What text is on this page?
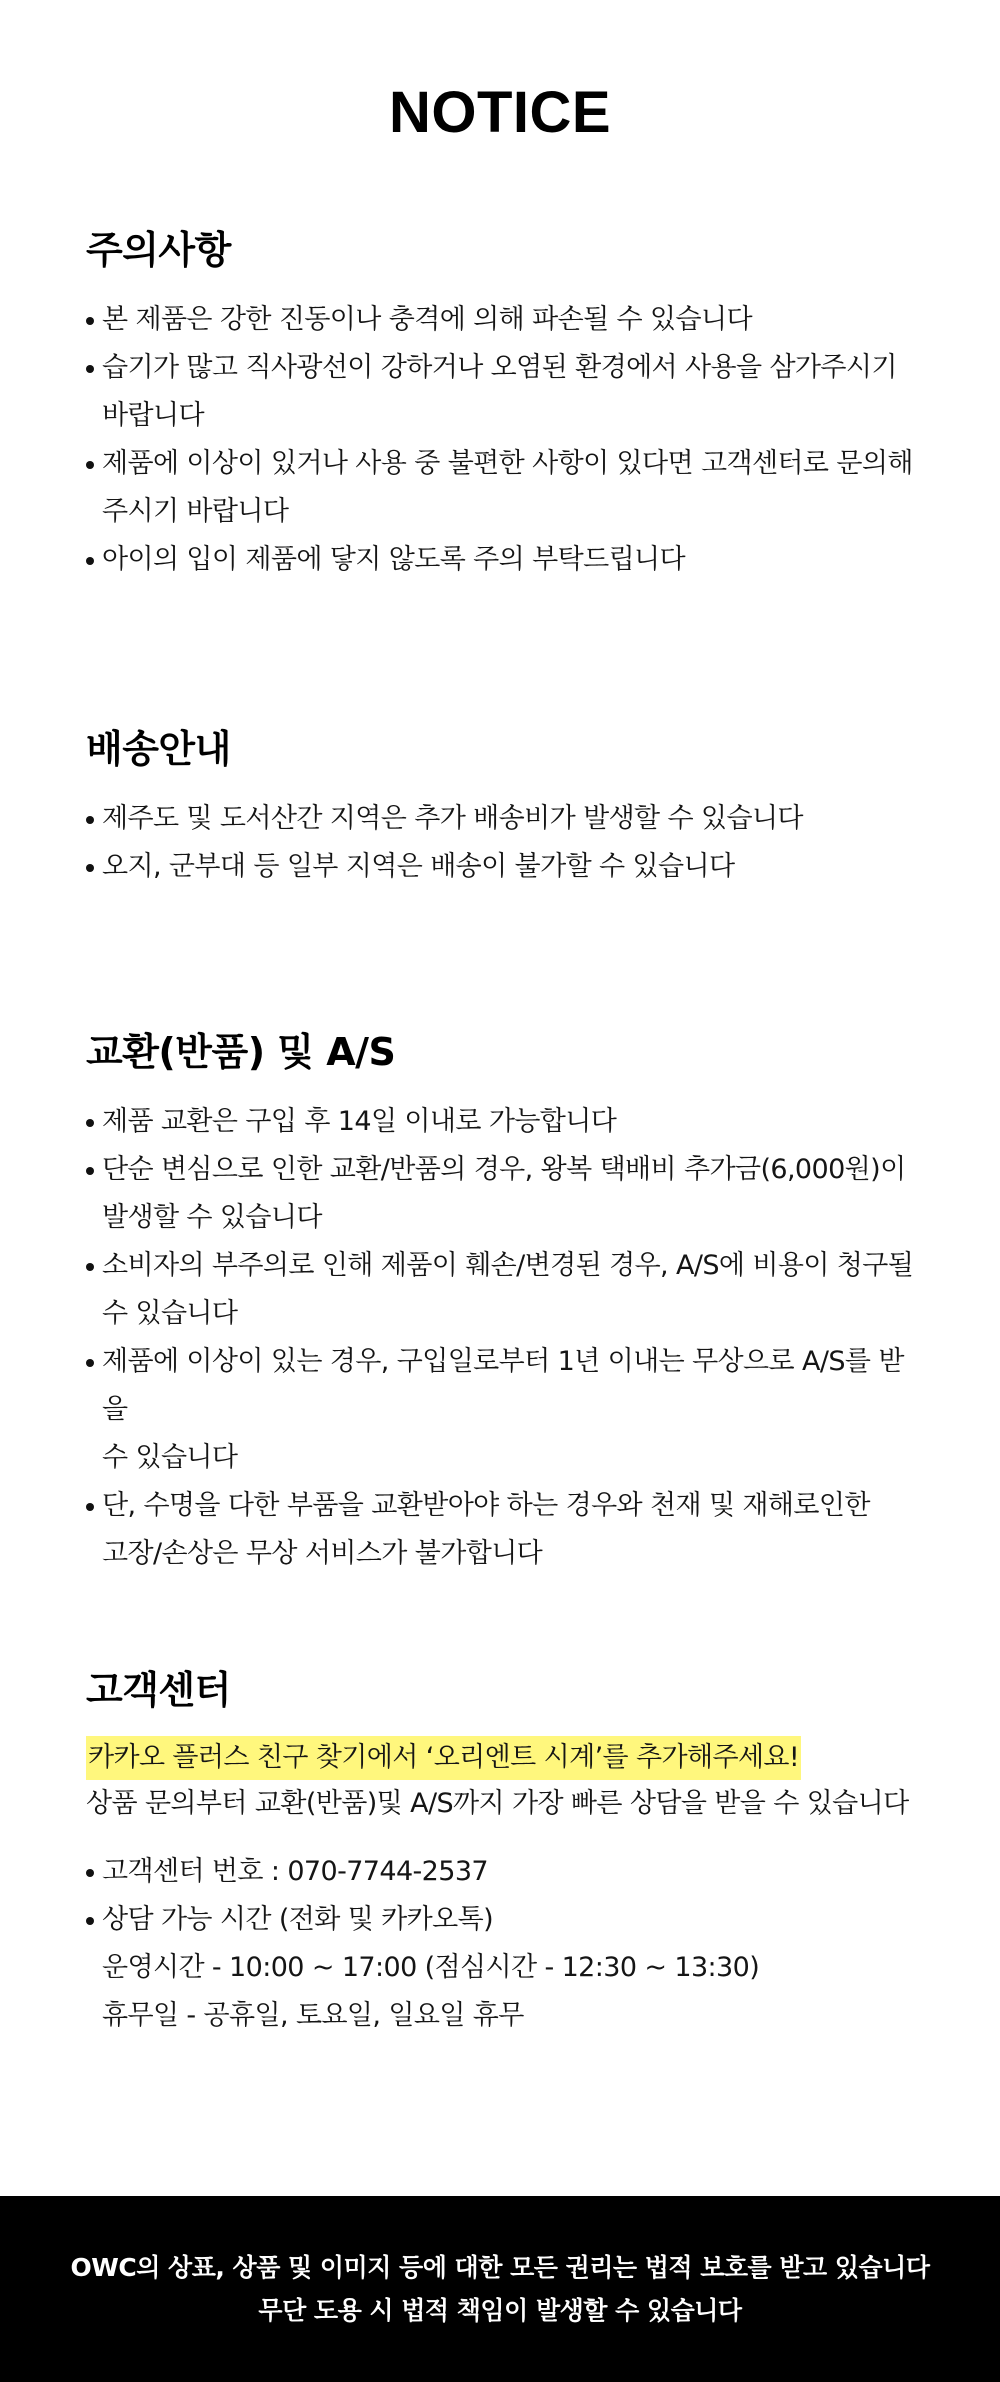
NOTICE
주의사항
본 제품은 강한 진동이나 충격에 의해 파손될 수 있습니다
습기가 많고 직사광선이 강하거나 오염된 환경에서 사용을 삼가주시기
바랍니다
제품에 이상이 있거나 사용 중 불편한 사항이 있다면 고객센터로 문의해
주시기 바랍니다
아이의 입이 제품에 닿지 않도록 주의 부탁드립니다
배송안내
제주도 및 도서산간 지역은 추가 배송비가 발생할 수 있습니다
오지, 군부대 등 일부 지역은 배송이 불가할 수 있습니다
교환(반품) 및 A/S
제품 교환은 구입 후 14일 이내로 가능합니다
단순 변심으로 인한 교환/반품의 경우, 왕복 택배비 추가금(6,000원)이
발생할 수 있습니다
소비자의 부주의로 인해 제품이 훼손/변경된 경우, A/S에 비용이 청구될
수 있습니다
제품에 이상이 있는 경우, 구입일로부터 1년 이내는 무상으로 A/S를 받을
수 있습니다
단, 수명을 다한 부품을 교환받아야 하는 경우와 천재 및 재해로인한
고장/손상은 무상 서비스가 불가합니다
고객센터
카카오 플러스 친구 찾기에서 ‘오리엔트 시계’를 추가해주세요!
상품 문의부터 교환(반품)및 A/S까지 가장 빠른 상담을 받을 수 있습니다
고객센터 번호 : 070-7744-2537
상담 가능 시간 (전화 및 카카오톡)
운영시간 - 10:00 ~ 17:00 (점심시간 - 12:30 ~ 13:30)
휴무일 - 공휴일, 토요일, 일요일 휴무
OWC의 상표, 상품 및 이미지 등에 대한 모든 권리는 법적 보호를 받고 있습니다
무단 도용 시 법적 책임이 발생할 수 있습니다
